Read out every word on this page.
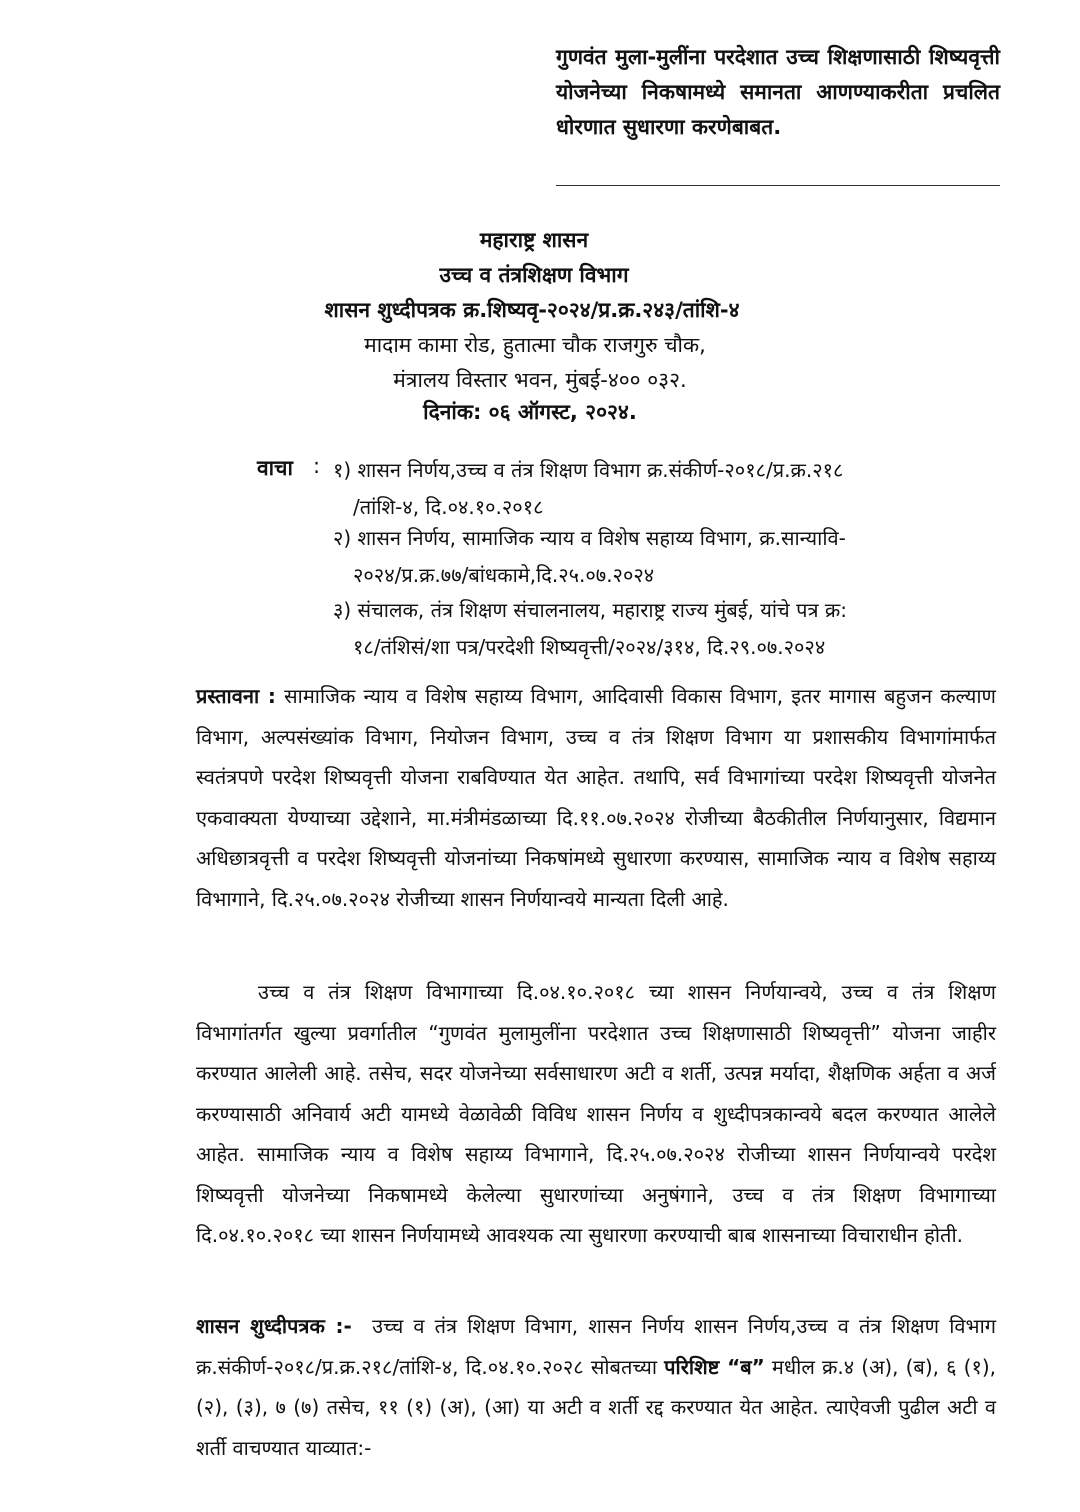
गुणवंत मुला-मुलींना परदेशात उच्च शिक्षणासाठी शिष्यवृत्ती योजनेच्या निकषामध्ये समानता आणण्याकरीता प्रचलित धोरणात सुधारणा करणेबाबत.
महाराष्ट्र शासन
उच्च व तंत्रशिक्षण विभाग
शासन शुध्दीपत्रक क्र.शिष्यवृ-२०२४/प्र.क्र.२४३/तांशि-४
मादाम कामा रोड, हुतात्मा चौक राजगुरु चौक,
मंत्रालय विस्तार भवन, मुंबई-४०० ०३२.
दिनांक: ०६ ऑगस्ट, २०२४.
वाचा : १) शासन निर्णय,उच्च व तंत्र शिक्षण विभाग क्र.संकीर्ण-२०१८/प्र.क्र.२१८
/तांशि-४, दि.०४.१०.२०१८
२) शासन निर्णय, सामाजिक न्याय व विशेष सहाय्य विभाग, क्र.सान्यावि-
२०२४/प्र.क्र.७७/बांधकामे,दि.२५.०७.२०२४
३) संचालक, तंत्र शिक्षण संचालनालय, महाराष्ट्र राज्य मुंबई, यांचे पत्र क्र:
१८/तंशिसं/शा पत्र/परदेशी शिष्यवृत्ती/२०२४/३१४, दि.२९.०७.२०२४
प्रस्तावना : सामाजिक न्याय व विशेष सहाय्य विभाग, आदिवासी विकास विभाग, इतर मागास बहुजन कल्याण विभाग, अल्पसंख्यांक विभाग, नियोजन विभाग, उच्च व तंत्र शिक्षण विभाग या प्रशासकीय विभागांमार्फत स्वतंत्रपणे परदेश शिष्यवृत्ती योजना राबविण्यात येत आहेत. तथापि, सर्व विभागांच्या परदेश शिष्यवृत्ती योजनेत एकवाक्यता येण्याच्या उद्देशाने, मा.मंत्रीमंडळाच्या दि.११.०७.२०२४ रोजीच्या बैठकीतील निर्णयानुसार, विद्यमान अधिछात्रवृत्ती व परदेश शिष्यवृत्ती योजनांच्या निकषांमध्ये सुधारणा करण्यास, सामाजिक न्याय व विशेष सहाय्य विभागाने, दि.२५.०७.२०२४ रोजीच्या शासन निर्णयान्वये मान्यता दिली आहे.
उच्च व तंत्र शिक्षण विभागाच्या दि.०४.१०.२०१८ च्या शासन निर्णयान्वये, उच्च व तंत्र शिक्षण विभागांतर्गत खुल्या प्रवर्गातील “गुणवंत मुलामुलींना परदेशात उच्च शिक्षणासाठी शिष्यवृत्ती” योजना जाहीर करण्यात आलेली आहे. तसेच, सदर योजनेच्या सर्वसाधारण अटी व शर्ती, उत्पन्न मर्यादा, शैक्षणिक अर्हता व अर्ज करण्यासाठी अनिवार्य अटी यामध्ये वेळावेळी विविध शासन निर्णय व शुध्दीपत्रकान्वये बदल करण्यात आलेले आहेत. सामाजिक न्याय व विशेष सहाय्य विभागाने, दि.२५.०७.२०२४ रोजीच्या शासन निर्णयान्वये परदेश शिष्यवृत्ती योजनेच्या निकषामध्ये केलेल्या सुधारणांच्या अनुषंगाने, उच्च व तंत्र शिक्षण विभागाच्या दि.०४.१०.२०१८ च्या शासन निर्णयामध्ये आवश्यक त्या सुधारणा करण्याची बाब शासनाच्या विचाराधीन होती.
शासन शुध्दीपत्रक :- उच्च व तंत्र शिक्षण विभाग, शासन निर्णय शासन निर्णय,उच्च व तंत्र शिक्षण विभाग क्र.संकीर्ण-२०१८/प्र.क्र.२१८/तांशि-४, दि.०४.१०.२०२८ सोबतच्या परिशिष्ट “ब” मधील क्र.४ (अ), (ब), ६ (१),(२), (३), ७ (७) तसेच, ११ (१) (अ), (आ) या अटी व शर्ती रद्द करण्यात येत आहेत. त्याऐवजी पुढील अटी व शर्ती वाचण्यात याव्यात:-
